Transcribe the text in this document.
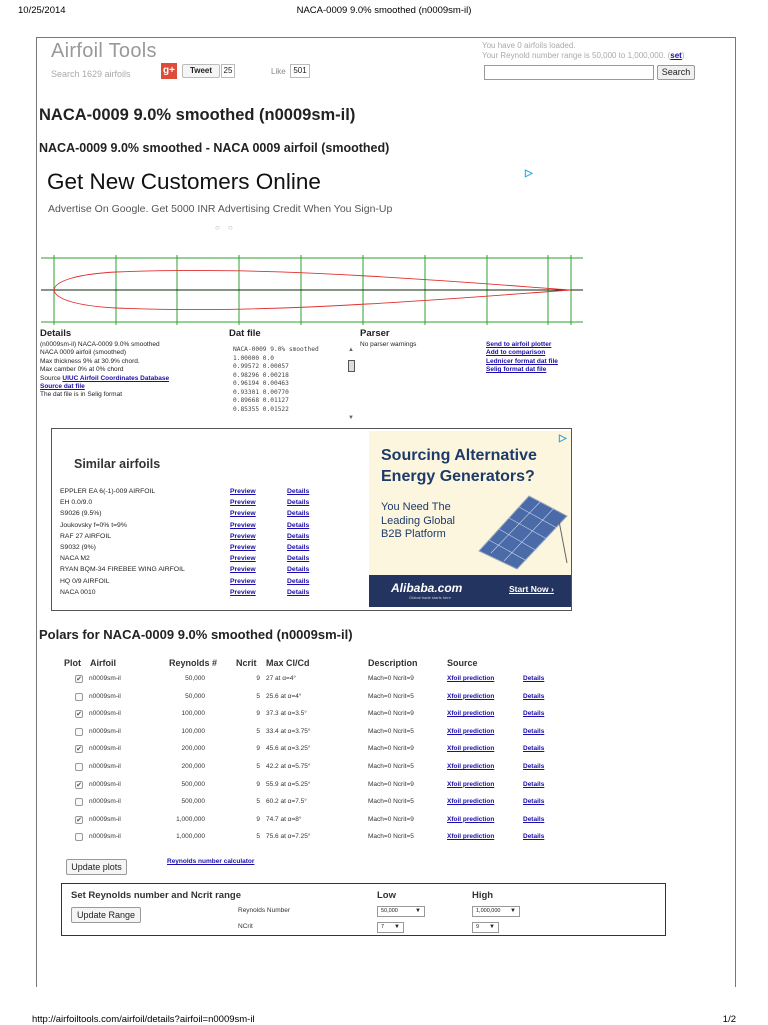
10/25/2014	NACA-0009 9.0% smoothed (n0009sm-il)
Airfoil Tools
Search 1629 airfoils	g+	Tweet	25	Like 501
You have 0 airfoils loaded.
Your Reynold number range is 50,000 to 1,000,000. (set)
Search
NACA-0009 9.0% smoothed (n0009sm-il)
NACA-0009 9.0% smoothed - NACA 0009 airfoil (smoothed)
Get New Customers Online
Advertise On Google. Get 5000 INR Advertising Credit When You Sign-Up
▷
○ ○
Details	Dat file	Parser
(n0009sm-il) NACA-0009 9.0% smoothed
NACA 0009 airfoil (smoothed)
Max thickness 9% at 30.9% chord.
Max camber 0% at 0% chord
Source UIUC Airfoil Coordinates Database
Source dat file
The dat file is in Selig format
NACA-0009 9.0% smoothed
1.00000 0.0
0.99572 0.00057
0.98296 0.00218
0.96194 0.00463
0.93301 0.00770
0.89668 0.01127
0.85355 0.01522
▲
▼
No parser warnings	Send to airfoil plotter
Add to comparison
Lednicer format dat file
Selig format dat file
Similar airfoils
EPPLER EA 6(-1)-009 AIRFOIL	Preview	Details
EH 0.0/9.0	Preview	Details
S9026 (9.5%)	Preview	Details
Joukovsky f=0% t=9%	Preview	Details
RAF 27 AIRFOIL	Preview	Details
S9032 (9%)	Preview	Details
NACA M2	Preview	Details
RYAN BQM-34 FIREBEE WING AIRFOIL	Preview	Details
HQ 0/9 AIRFOIL	Preview	Details
NACA 0010	Preview	Details
▷
Sourcing Alternative
Energy Generators?
You Need The
Leading Global
B2B Platform
Alibaba.com
Global trade starts here
Start Now ›
Polars for NACA-0009 9.0% smoothed (n0009sm-il)
Plot Airfoil	Reynolds # Ncrit Max Cl/Cd	Description	Source
✔ n0009sm-il	50,000	9 27 at α=4°	Mach=0 Ncrit=9	Xfoil prediction	Details
n0009sm-il	50,000	5 25.6 at α=4°	Mach=0 Ncrit=5	Xfoil prediction	Details
✔ n0009sm-il	100,000	9 37.3 at α=3.5°	Mach=0 Ncrit=9	Xfoil prediction	Details
n0009sm-il	100,000	5 33.4 at α=3.75°	Mach=0 Ncrit=5	Xfoil prediction	Details
✔ n0009sm-il	200,000	9 45.6 at α=3.25°	Mach=0 Ncrit=9	Xfoil prediction	Details
n0009sm-il	200,000	5 42.2 at α=5.75°	Mach=0 Ncrit=5	Xfoil prediction	Details
✔ n0009sm-il	500,000	9 55.9 at α=5.25°	Mach=0 Ncrit=9	Xfoil prediction	Details
n0009sm-il	500,000	5 60.2 at α=7.5°	Mach=0 Ncrit=5	Xfoil prediction	Details
✔ n0009sm-il	1,000,000	9 74.7 at α=8°	Mach=0 Ncrit=9	Xfoil prediction	Details
n0009sm-il	1,000,000	5 75.6 at α=7.25°	Mach=0 Ncrit=5	Xfoil prediction	Details
Update plots
Reynolds number calculator
Set Reynolds number and Ncrit range	Low	High
Update Range	Reynolds Number
NCrit
50,000	▼	1,000,000 ▼
7 ▼	9 ▼
http://airfoiltools.com/airfoil/details?airfoil=n0009sm-il	1/2
